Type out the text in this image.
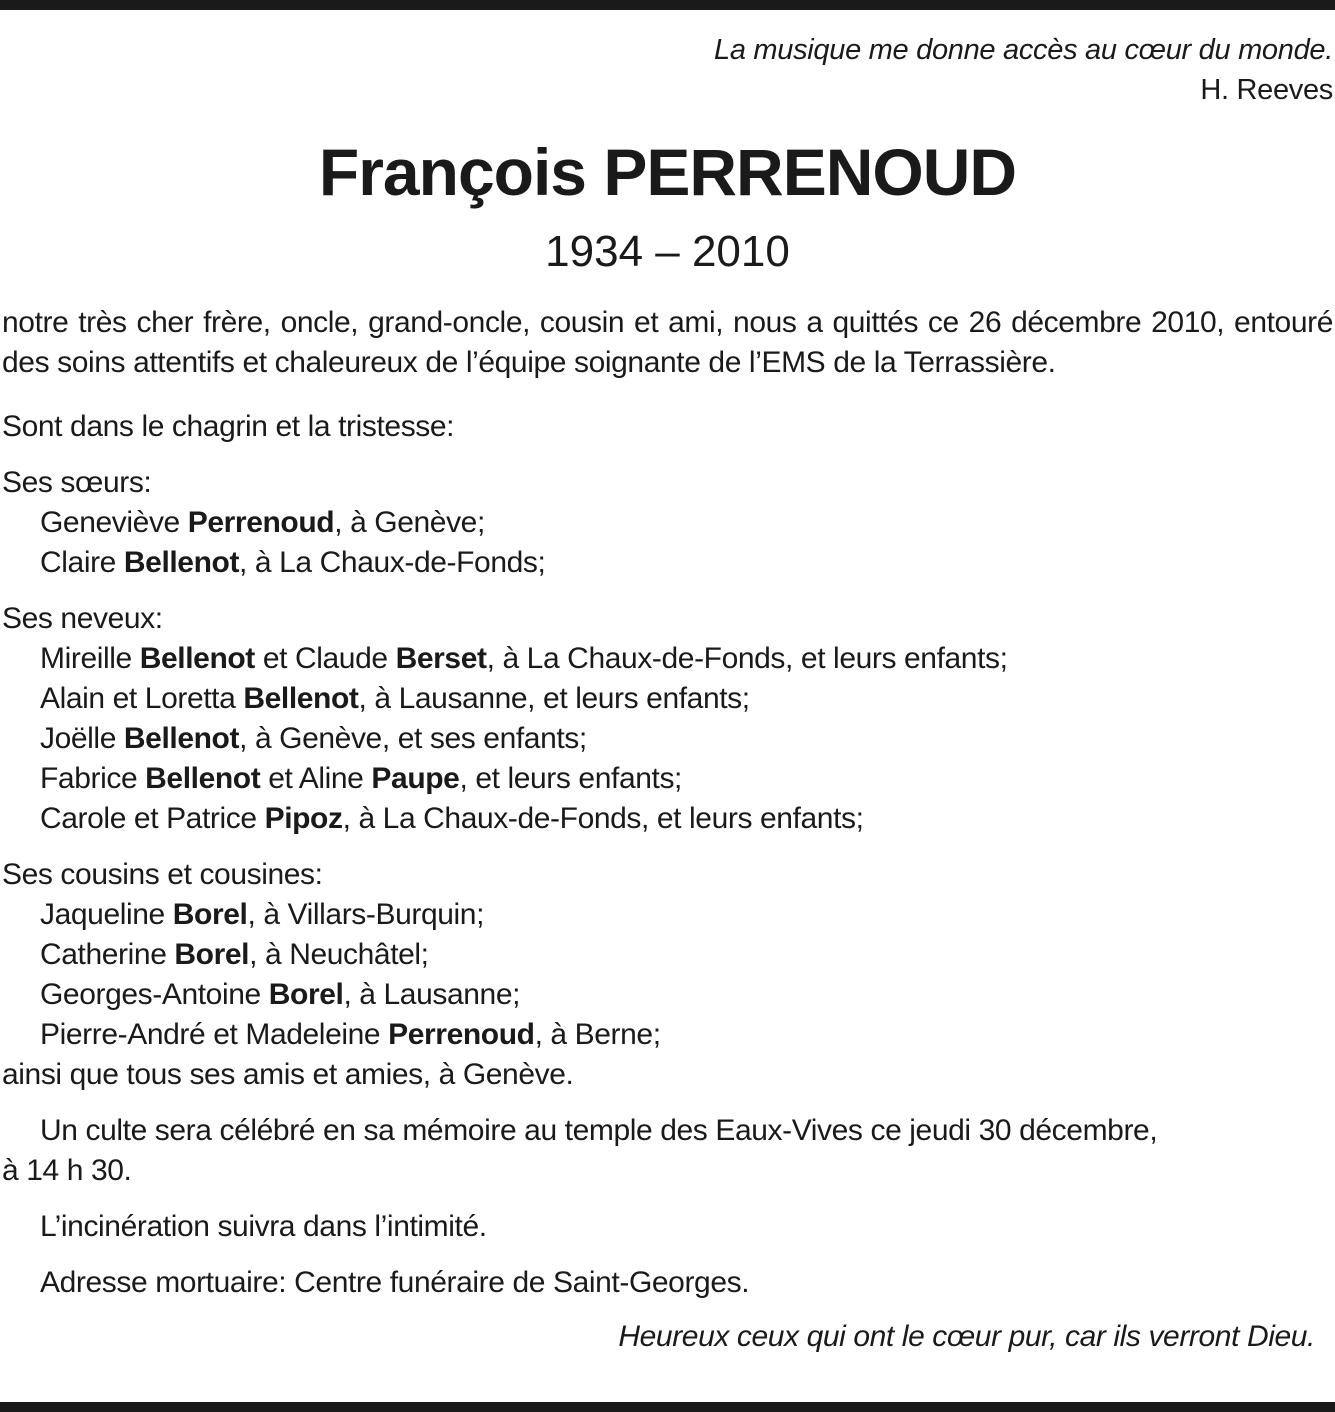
La musique me donne accès au cœur du monde.
H. Reeves
François PERRENOUD
1934 – 2010
notre très cher frère, oncle, grand-oncle, cousin et ami, nous a quittés ce 26 décembre 2010, entouré des soins attentifs et chaleureux de l’équipe soignante de l’EMS de la Terrassière.
Sont dans le chagrin et la tristesse:
Ses sœurs:
Geneviève Perrenoud, à Genève;
Claire Bellenot, à La Chaux-de-Fonds;
Ses neveux:
Mireille Bellenot et Claude Berset, à La Chaux-de-Fonds, et leurs enfants;
Alain et Loretta Bellenot, à Lausanne, et leurs enfants;
Joëlle Bellenot, à Genève, et ses enfants;
Fabrice Bellenot et Aline Paupe, et leurs enfants;
Carole et Patrice Pipoz, à La Chaux-de-Fonds, et leurs enfants;
Ses cousins et cousines:
Jaqueline Borel, à Villars-Burquin;
Catherine Borel, à Neuchâtel;
Georges-Antoine Borel, à Lausanne;
Pierre-André et Madeleine Perrenoud, à Berne;
ainsi que tous ses amis et amies, à Genève.
Un culte sera célébré en sa mémoire au temple des Eaux-Vives ce jeudi 30 décembre,
à 14 h 30.
L’incinération suivra dans l’intimité.
Adresse mortuaire: Centre funéraire de Saint-Georges.
Heureux ceux qui ont le cœur pur, car ils verront Dieu.
